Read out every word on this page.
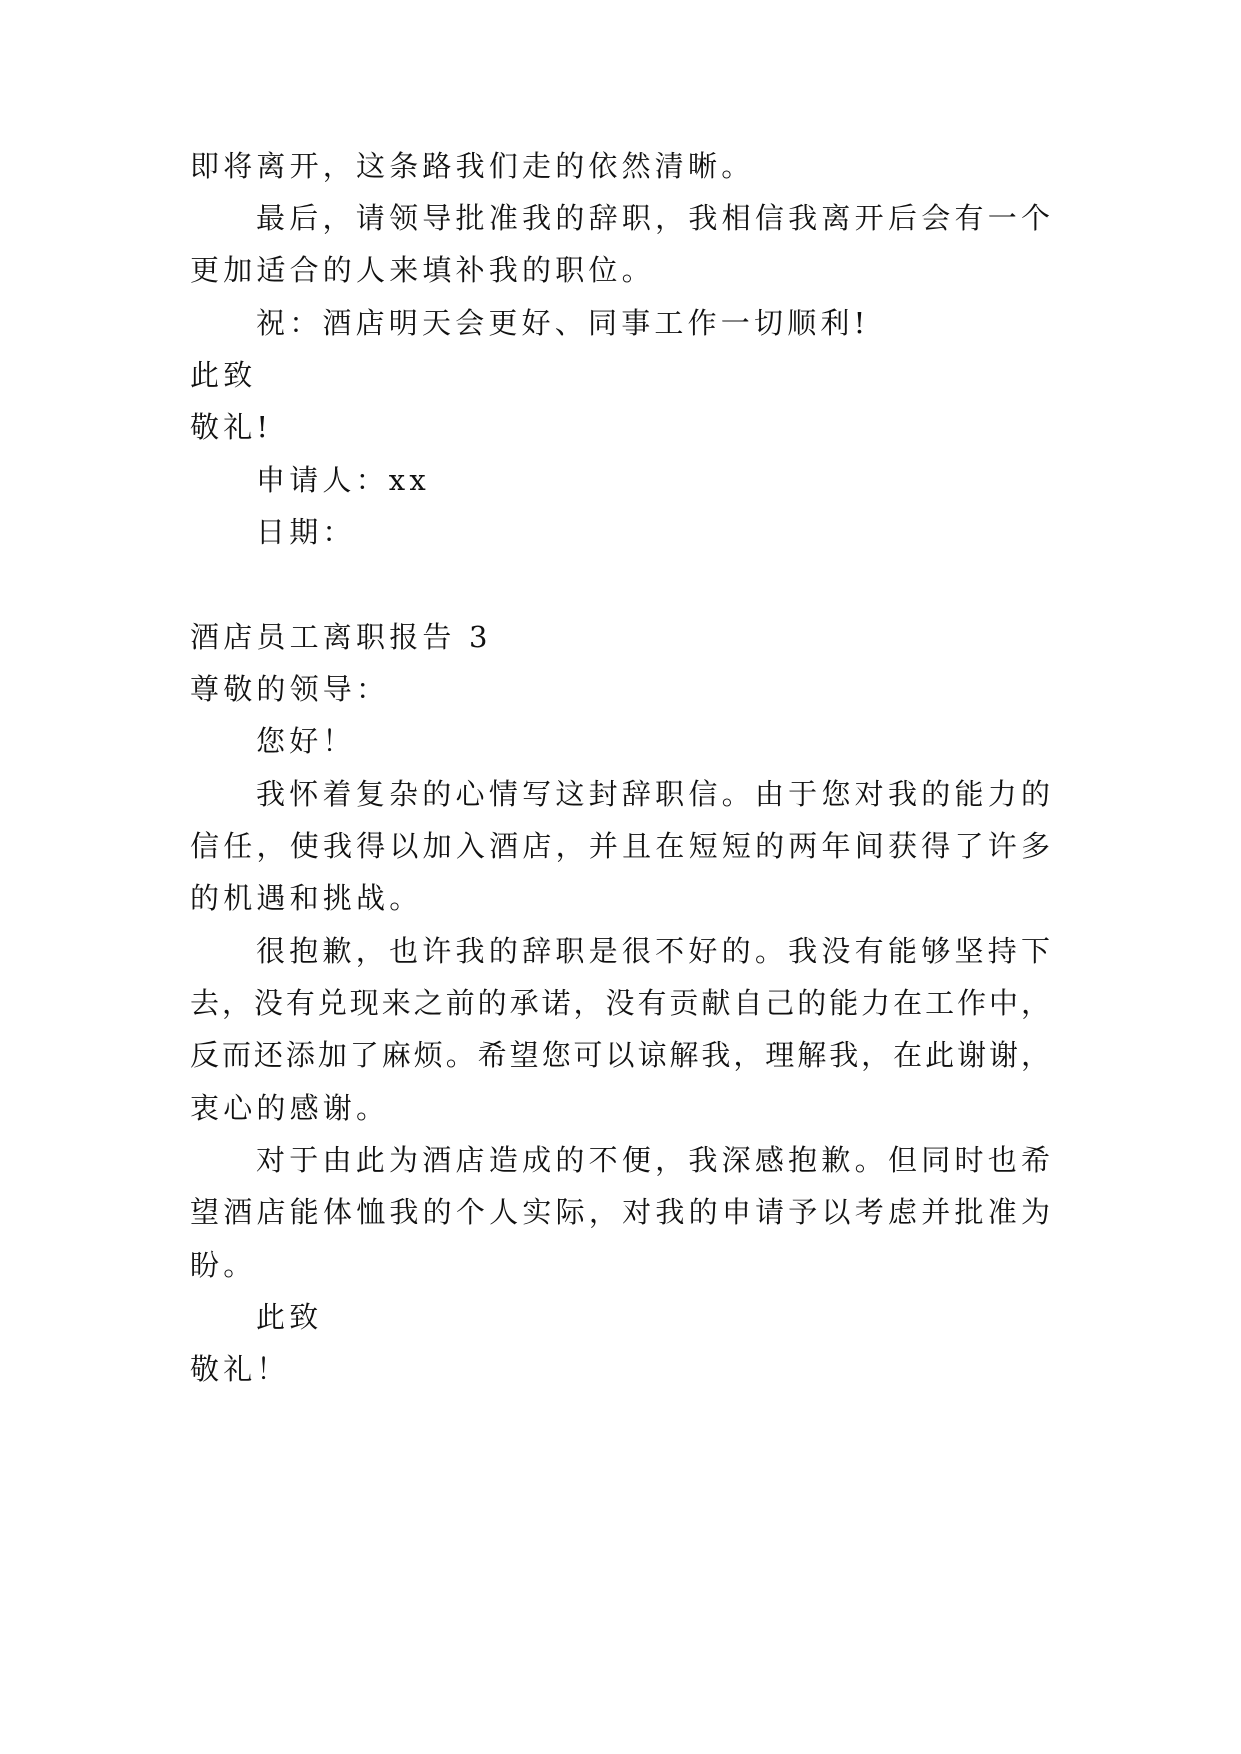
即将离开，这条路我们走的依然清晰。
最后，请领导批准我的辞职，我相信我离开后会有一个
更加适合的人来填补我的职位。
祝：酒店明天会更好、同事工作一切顺利!
此致
敬礼!
申请人：xx
日期：
酒店员工离职报告 3
尊敬的领导：
您好！
我怀着复杂的心情写这封辞职信。由于您对我的能力的
信任，使我得以加入酒店，并且在短短的两年间获得了许多
的机遇和挑战。
很抱歉，也许我的辞职是很不好的。我没有能够坚持下
去，没有兑现来之前的承诺，没有贡献自己的能力在工作中，
反而还添加了麻烦。希望您可以谅解我，理解我，在此谢谢，
衷心的感谢。
对于由此为酒店造成的不便，我深感抱歉。但同时也希
望酒店能体恤我的个人实际，对我的申请予以考虑并批准为
盼。
此致
敬礼！
